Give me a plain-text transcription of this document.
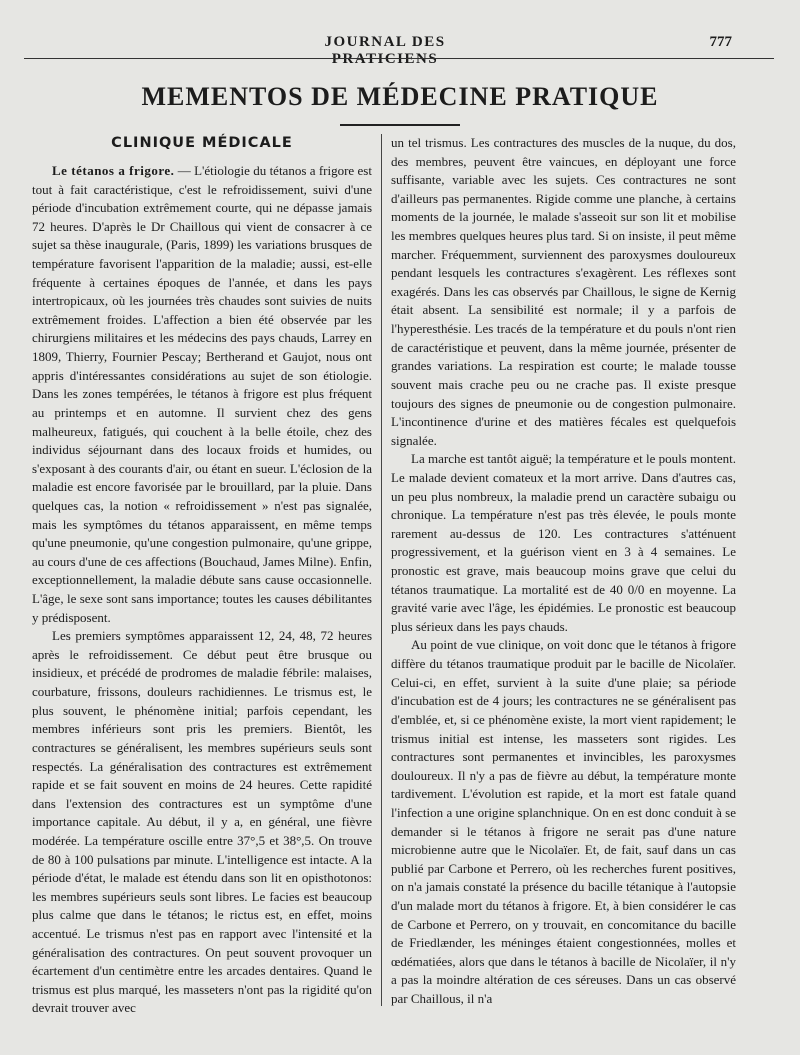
JOURNAL DES PRATICIENS
777
MEMENTOS DE MÉDECINE PRATIQUE
CLINIQUE MÉDICALE

Le tétanos a frigore. — L'étiologie du tétanos a frigore est tout à fait caractéristique, c'est le refroidissement, suivi d'une période d'incubation extrêmement courte, qui ne dépasse jamais 72 heures. D'après le Dr Chaillous qui vient de consacrer à ce sujet sa thèse inaugurale, (Paris, 1899) les variations brusques de température favorisent l'apparition de la maladie; aussi, est-elle fréquente à certaines époques de l'année, et dans les pays intertropicaux, où les journées très chaudes sont suivies de nuits extrêmement froides. L'affection a bien été observée par les chirurgiens militaires et les médecins des pays chauds, Larrey en 1809, Thierry, Fournier Pescay; Bertherand et Gaujot, nous ont appris d'intéressantes considérations au sujet de son étiologie. Dans les zones tempérées, le tétanos à frigore est plus fréquent au printemps et en automne. Il survient chez des gens malheureux, fatigués, qui couchent à la belle étoile, chez des individus séjournant dans des locaux froids et humides, ou s'exposant à des courants d'air, ou étant en sueur. L'éclosion de la maladie est encore favorisée par le brouillard, par la pluie. Dans quelques cas, la notion « refroidissement » n'est pas signalée, mais les symptômes du tétanos apparaissent, en même temps qu'une pneumonie, qu'une congestion pulmonaire, qu'une grippe, au cours d'une de ces affections (Bouchaud, James Milne). Enfin, exceptionnellement, la maladie débute sans cause occasionnelle. L'âge, le sexe sont sans importance; toutes les causes débilitantes y prédisposent.

Les premiers symptômes apparaissent 12, 24, 48, 72 heures après le refroidissement. Ce début peut être brusque ou insidieux, et précédé de prodromes de maladie fébrile: malaises, courbature, frissons, douleurs rachidiennes. Le trismus est, le plus souvent, le phénomène initial; parfois cependant, les membres inférieurs sont pris les premiers. Bientôt, les contractures se généralisent, les membres supérieurs seuls sont respectés. La généralisation des contractures est extrêmement rapide et se fait souvent en moins de 24 heures. Cette rapidité dans l'extension des contractures est un symptôme d'une importance capitale. Au début, il y a, en général, une fièvre modérée. La température oscille entre 37°,5 et 38°,5. On trouve de 80 à 100 pulsations par minute. L'intelligence est intacte. A la période d'état, le malade est étendu dans son lit en opisthotonos: les membres supérieurs seuls sont libres. Le facies est beaucoup plus calme que dans le tétanos; le rictus est, en effet, moins accentué. Le trismus n'est pas en rapport avec l'intensité et la généralisation des contractures. On peut souvent provoquer un écartement d'un centimètre entre les arcades dentaires. Quand le trismus est plus marqué, les masseters n'ont pas la rigidité qu'on devrait trouver avec

un tel trismus. Les contractures des muscles de la nuque, du dos, des membres, peuvent être vaincues, en déployant une force suffisante, variable avec les sujets. Ces contractures ne sont d'ailleurs pas permanentes. Rigide comme une planche, à certains moments de la journée, le malade s'asseoit sur son lit et mobilise les membres quelques heures plus tard. Si on insiste, il peut même marcher. Fréquemment, surviennent des paroxysmes douloureux pendant lesquels les contractures s'exagèrent. Les réflexes sont exagérés. Dans les cas observés par Chaillous, le signe de Kernig était absent. La sensibilité est normale; il y a parfois de l'hyperesthésie. Les tracés de la température et du pouls n'ont rien de caractéristique et peuvent, dans la même journée, présenter de grandes variations. La respiration est courte; le malade tousse souvent mais crache peu ou ne crache pas. Il existe presque toujours des signes de pneumonie ou de congestion pulmonaire. L'incontinence d'urine et des matières fécales est quelquefois signalée.

La marche est tantôt aiguë; la température et le pouls montent. Le malade devient comateux et la mort arrive. Dans d'autres cas, un peu plus nombreux, la maladie prend un caractère subaigu ou chronique. La température n'est pas très élevée, le pouls monte rarement au-dessus de 120. Les contractures s'atténuent progressivement, et la guérison vient en 3 à 4 semaines. Le pronostic est grave, mais beaucoup moins grave que celui du tétanos traumatique. La mortalité est de 40 0/0 en moyenne. La gravité varie avec l'âge, les épidémies. Le pronostic est beaucoup plus sérieux dans les pays chauds.

Au point de vue clinique, on voit donc que le tétanos à frigore diffère du tétanos traumatique produit par le bacille de Nicolaïer. Celui-ci, en effet, survient à la suite d'une plaie; sa période d'incubation est de 4 jours; les contractures ne se généralisent pas d'emblée, et, si ce phénomène existe, la mort vient rapidement; le trismus initial est intense, les masseters sont rigides. Les contractures sont permanentes et invincibles, les paroxysmes douloureux. Il n'y a pas de fièvre au début, la température monte tardivement. L'évolution est rapide, et la mort est fatale quand l'infection a une origine splanchnique. On en est donc conduit à se demander si le tétanos à frigore ne serait pas d'une nature microbienne autre que le Nicolaïer. Et, de fait, sauf dans un cas publié par Carbone et Perrero, où les recherches furent positives, on n'a jamais constaté la présence du bacille tétanique à l'autopsie d'un malade mort du tétanos à frigore. Et, à bien considérer le cas de Carbone et Perrero, on y trouvait, en concomitance du bacille de Friedlænder, les méninges étaient congestionnées, molles et œdématiées, alors que dans le tétanos à bacille de Nicolaïer, il n'y a pas la moindre altération de ces séreuses. Dans un cas observé par Chaillous, il n'a
